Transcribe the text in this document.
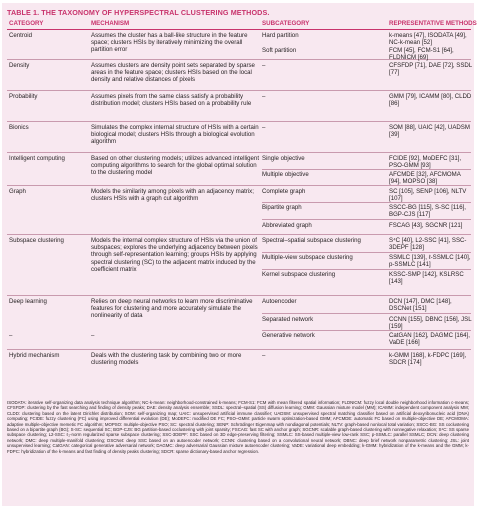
TABLE 1. THE TAXONOMY OF HYPERSPECTRAL CLUSTERING METHODS.
CATEGORY	MECHANISM	SUBCATEGORY	REPRESENTATIVE METHODS
Centroid	Assumes the cluster has a ball-like structure in the feature space; clusters HSIs by iteratively minimizing the overall partition error
Hard partition	k-means [47], ISODATA [49], NC-k-mean [52]
Soft partition	FCM [45], FCM-S1 [64], FLDNICM [69]
Density	Assumes clusters are density point sets separated by sparse areas in the feature space; clusters HSIs based on the local density and relative distances of pixels
–	CFSFDP [71], DAE [72], SSDL [77]
Probability	Assumes pixels from the same class satisfy a probability distribution model; clusters HSIs based on a probability rule
–	GMM [79], ICAMM [80], CLDD [86]
Bionics	Simulates the complex internal structure of HSIs with a certain biological model; clusters HSIs through a biological evolution algorithm
–	SOM [88], UAIC [42], UADSM [39]
Intelligent computing	Based on other clustering models; utilizes advanced intelligent computing algorithms to search for the global optimal solution to the clustering model
Single objective	FCIDE [92], MoDEFC [31], PSO-GMM [93]
Multiple objective	AFCMDE [32], AFCMOMA [94], MOPSO [38]
Graph	Models the similarity among pixels with an adjacency matrix; clusters HSIs with a graph cut algorithm
Complete graph	SC [105], SENP [106], NLTV [107]
Bipartite graph	SSCC-BG [115], S-SC [116], BGP-CJS [117]
Abbreviated graph	FSCAG [43], SGCNR [121]
Subspace clustering	Models the internal complex structure of HSIs via the union of subspaces; explores the underlying adjacency between pixels through self-representation learning; groups HSIs by applying spectral clustering (SC) to the adjacent matrix induced by the coefficient matrix
Spectral–spatial subspace clustering	S⁴C [40], L2-SSC [41], SSC-3DEPF [128]
Multiple-view subspace clustering	SSMLC [139], ℓ-SSMLC [140], p-SSMLC [141]
Kernel subspace clustering	KSSC-SMP [142], KSLRSC [143]
Deep learning	Relies on deep neural networks to learn more discriminative features for clustering and more accurately simulate the nonlinearity of data
Autoencoder	DCN [147], DMC [148], DSCNet [151]
Separated network	CCNN [155], DBNC [156], JSL [159]
–	–	Generative network	CatGAN [162], DAGMC [164], VaDE [166]
Hybrid mechanism	Deals with the clustering task by combining two or more clustering models
–	k-GMM [168], k-FDPC [169], SDCR [174]
ISODATA: iterative self-organizing data analysis technique algorithm; NC-k-mean: neighborhood-constrained k-means; FCM-S1: FCM with mean filtered spatial information; FLDNICM: fuzzy local double neighborhood information c-means; CFSFDP: clustering by the fast searching and finding of density peaks; DAE: density analysis ensemble; SSDL: spectral–spatial (SS) diffusion learning; GMM: Gaussian mixture model (MM); ICAMM: independent component analysis MM; CLDD: clustering based on the latent Dirichlet distribution; SOM: self-organizing map; UAIC: unsupervised artificial immune classifier; UADSM: unsupervised spectral matching classifier based on artificial deoxyribonucleic acid (DNA) computing; FCIDE: fuzzy clustering (FC) using improved differential evolution (DE); MoDEFC: modified DE FC; PSO–GMM: particle swarm optimization-based GMM; AFCMDE: automatic FC based on multiple-objective DE; AFCMOMA: adaptive multiple-objective memetic FC algorithm; MOPSO: multiple-objective PSO; SC: spectral clustering; SENP: Schrödinger Eigenmap with nondiagonal potentials; NLTV: graph-based nonlocal total variation; SSCC-BG: SS coclustering based on a bipartite graph (BG); S-SC: sequential SC; BGP-CJS: BG partition-based coclustering with joint sparsity; FSCAG: fast SC with anchor graph; SGCNR: scalable graph-based clustering with nonnegative relaxation; S⁴C: SS sparse subspace clustering; L2-SSC: ℓ₂-norm regularized sparse subspace clustering; SSC-3DEPF: SSC based on 3D edge-preserving filtering; SSMLC: SS-based multiple-view low-rank SSC; p-SSMLC: parallel SSMLC; DCN: deep clustering network; DMC: deep multiple-manifold clustering; DSCNet: deep SSC based on an autoencoder network; CCNN: clustering based on a convolutional neural network; DBNC: deep brief network nonparametric clustering; JSL: joint unsupervised learning; CatGAN: categorical generative adversarial network; DAGMC: deep adversarial Gaussian mixture autoencoder clustering; VaDE: variational deep embedding; k-GMM: hybridization of the k-means and the GMM; k-FDPC: hybridization of the k-means and fast finding of density peaks clustering; SDCR: sparse dictionary-based anchor regression.
